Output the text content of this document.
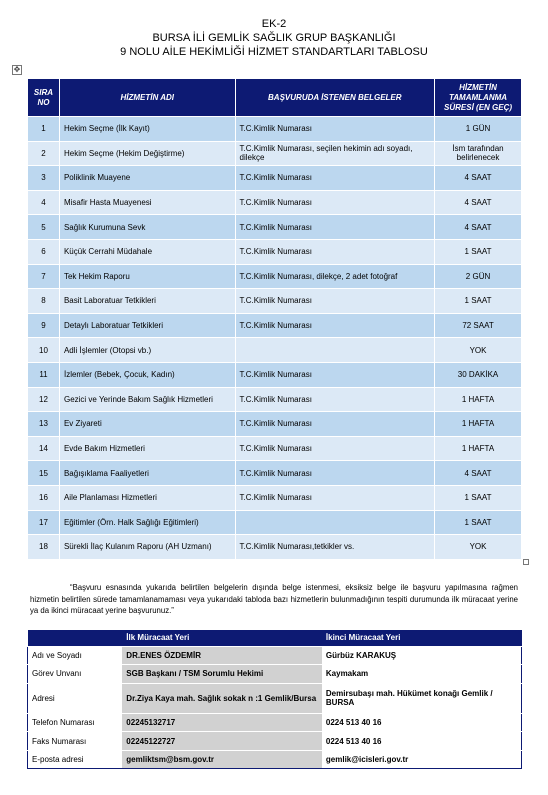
EK-2
BURSA İLİ GEMLİK SAĞLIK GRUP BAŞKANLIĞI
9 NOLU AİLE HEKİMLİĞİ HİZMET STANDARTLARI TABLOSU
✥
SIRA NO	HİZMETİN ADI	BAŞVURUDA İSTENEN BELGELER	HİZMETİN TAMAMLANMA SÜRESİ (EN GEÇ)
1	Hekim Seçme (İlk Kayıt)	T.C.Kimlik Numarası	1 GÜN
2	Hekim Seçme (Hekim Değiştirme)	T.C.Kimlik Numarası, seçilen hekimin adı soyadı, dilekçe	İsm tarafından belirlenecek
3	Poliklinik Muayene	T.C.Kimlik Numarası	4 SAAT
4	Misafir Hasta Muayenesi	T.C.Kimlik Numarası	4 SAAT
5	Sağlık Kurumuna Sevk	T.C.Kimlik Numarası	4 SAAT
6	Küçük Cerrahi Müdahale	T.C.Kimlik Numarası	1 SAAT
7	Tek Hekim Raporu	T.C.Kimlik Numarası, dilekçe, 2 adet fotoğraf	2 GÜN
8	Basit Laboratuar Tetkikleri	T.C.Kimlik Numarası	1 SAAT
9	Detaylı Laboratuar Tetkikleri	T.C.Kimlik Numarası	72 SAAT
10	Adli İşlemler (Otopsi vb.)		YOK
11	İzlemler (Bebek, Çocuk, Kadın)	T.C.Kimlik Numarası	30 DAKİKA
12	Gezici ve Yerinde Bakım Sağlık Hizmetleri	T.C.Kimlik Numarası	1 HAFTA
13	Ev Ziyareti	T.C.Kimlik Numarası	1 HAFTA
14	Evde Bakım Hizmetleri	T.C.Kimlik Numarası	1 HAFTA
15	Bağışıklama Faaliyetleri	T.C.Kimlik Numarası	4 SAAT
16	Aile Planlaması Hizmetleri	T.C.Kimlik Numarası	1 SAAT
17	Eğitimler (Örn. Halk Sağlığı Eğitimleri)		1 SAAT
18	Sürekli İlaç Kulanım Raporu (AH Uzmanı)	T.C.Kimlik Numarası,tetkikler vs.	YOK

“Başvuru esnasında yukarıda belirtilen belgelerin dışında belge istenmesi, eksiksiz belge ile başvuru yapılmasına rağmen hizmetin belirtilen sürede tamamlanamaması veya yukarıdaki tabloda bazı hizmetlerin bulunmadığının tespiti durumunda ilk müracaat yerine ya da ikinci müracaat yerine başvurunuz.”

	İlk Müracaat Yeri	İkinci Müracaat Yeri
Adı ve Soyadı	DR.ENES ÖZDEMİR	Gürbüz KARAKUŞ
Görev Unvanı	SGB Başkanı / TSM Sorumlu Hekimi	Kaymakam
Adresi	Dr.Ziya Kaya mah. Sağlık sokak n :1 Gemlik/Bursa	Demirsubaşı mah. Hükümet konağı Gemlik / BURSA
Telefon Numarası	02245132717	0224 513 40 16
Faks Numarası	02245122727	0224 513 40 16
E-posta adresi	gemliktsm@bsm.gov.tr	gemlik@icisleri.gov.tr
